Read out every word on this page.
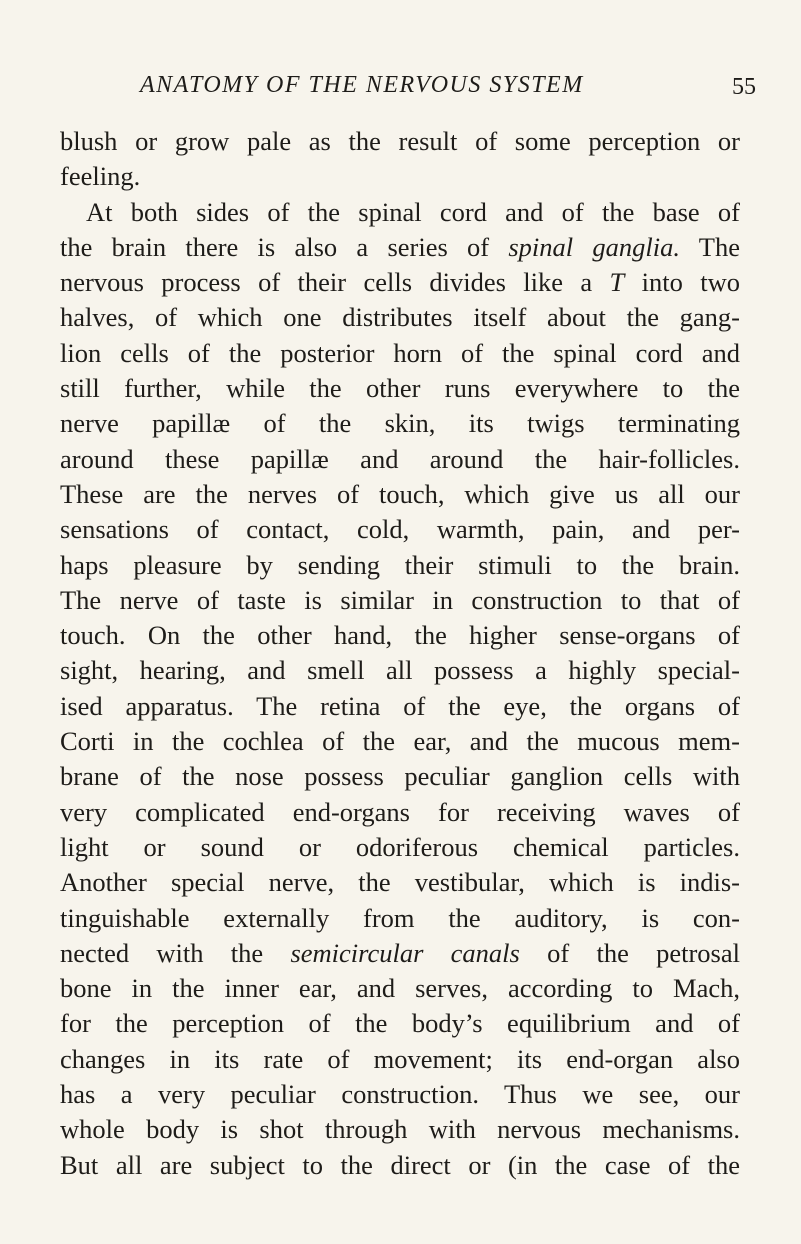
ANATOMY OF THE NERVOUS SYSTEM	55
blush or grow pale as the result of some perception or
feeling.
At both sides of the spinal cord and of the base of
the brain there is also a series of spinal ganglia. The
nervous process of their cells divides like a T into two
halves, of which one distributes itself about the gang-
lion cells of the posterior horn of the spinal cord and
still further, while the other runs everywhere to the
nerve papillæ of the skin, its twigs terminating
around these papillæ and around the hair-follicles.
These are the nerves of touch, which give us all our
sensations of contact, cold, warmth, pain, and per-
haps pleasure by sending their stimuli to the brain.
The nerve of taste is similar in construction to that of
touch. On the other hand, the higher sense-organs of
sight, hearing, and smell all possess a highly special-
ised apparatus. The retina of the eye, the organs of
Corti in the cochlea of the ear, and the mucous mem-
brane of the nose possess peculiar ganglion cells with
very complicated end-organs for receiving waves of
light or sound or odoriferous chemical particles.
Another special nerve, the vestibular, which is indis-
tinguishable externally from the auditory, is con-
nected with the semicircular canals of the petrosal
bone in the inner ear, and serves, according to Mach,
for the perception of the body’s equilibrium and of
changes in its rate of movement; its end-organ also
has a very peculiar construction. Thus we see, our
whole body is shot through with nervous mechanisms.
But all are subject to the direct or (in the case of the
